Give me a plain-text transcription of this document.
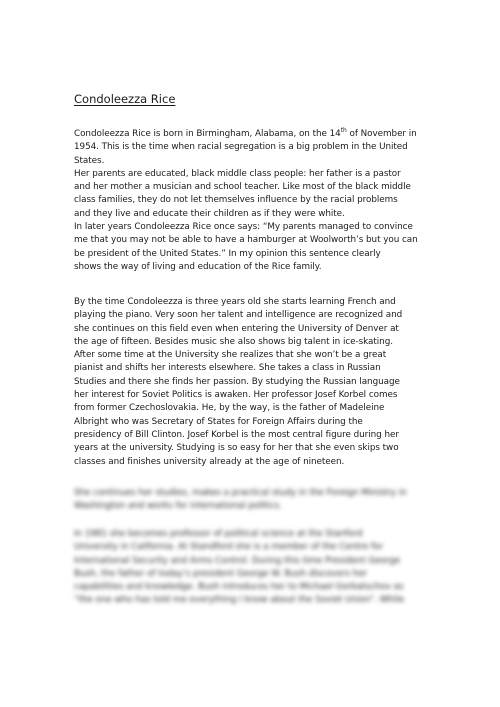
Condoleezza Rice
Condoleezza Rice is born in Birmingham, Alabama, on the 14th of November in
1954. This is the time when racial segregation is a big problem in the United
States.
Her parents are educated, black middle class people: her father is a pastor
and her mother a musician and school teacher. Like most of the black middle
class families, they do not let themselves influence by the racial problems
and they live and educate their children as if they were white.
In later years Condoleezza Rice once says: “My parents managed to convince
me that you may not be able to have a hamburger at Woolworth’s but you can
be president of the United States.” In my opinion this sentence clearly
shows the way of living and education of the Rice family.
By the time Condoleezza is three years old she starts learning French and
playing the piano. Very soon her talent and intelligence are recognized and
she continues on this field even when entering the University of Denver at
the age of fifteen. Besides music she also shows big talent in ice-skating.
After some time at the University she realizes that she won’t be a great
pianist and shifts her interests elsewhere. She takes a class in Russian
Studies and there she finds her passion. By studying the Russian language
her interest for Soviet Politics is awaken. Her professor Josef Korbel comes
from former Czechoslovakia. He, by the way, is the father of Madeleine
Albright who was Secretary of States for Foreign Affairs during the
presidency of Bill Clinton. Josef Korbel is the most central figure during her
years at the university. Studying is so easy for her that she even skips two
classes and finishes university already at the age of nineteen.
She continues her studies, makes a practical study in the Foreign Ministry in
Washington and works for international politics.
In 1981 she becomes professor of political science at the Stanford
University in California. At Standford she is a member of the Centre for
International Security and Arms Control. During this time President George
Bush, the father of today’s president George W. Bush discovers her
capabilities and knowledge. Bush introduces her to Michael Gorbatschov as
“the one who has told me everything I know about the Soviet Union”. While
